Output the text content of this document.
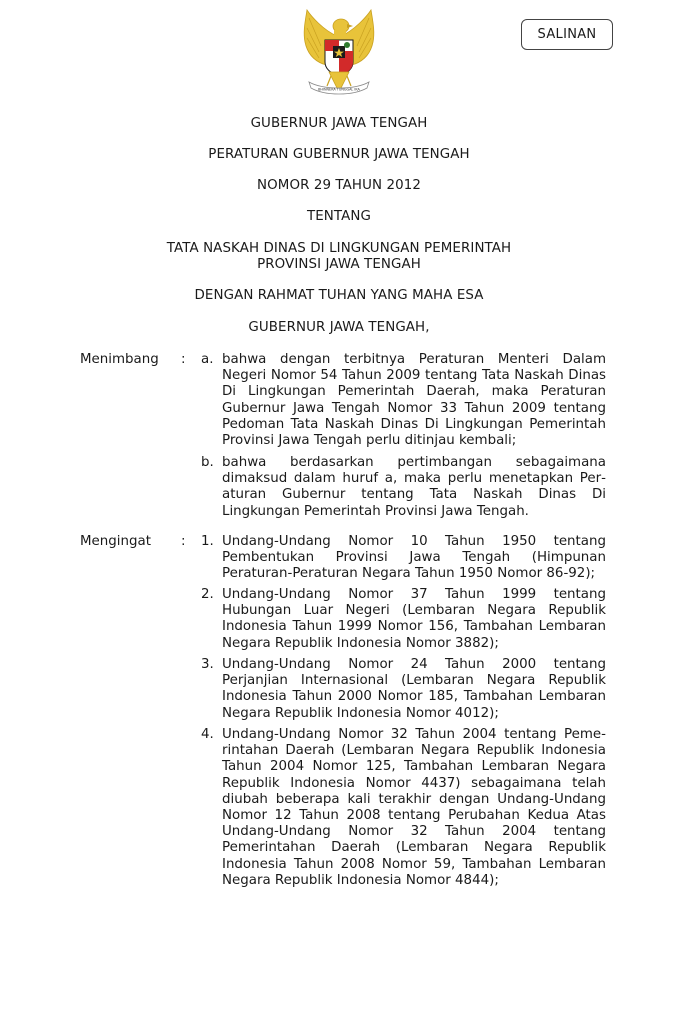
BHINNEKA TUNGGAL IKA
SALINAN
GUBERNUR JAWA TENGAH
PERATURAN GUBERNUR JAWA TENGAH
NOMOR 29 TAHUN 2012
TENTANG
TATA NASKAH DINAS DI LINGKUNGAN PEMERINTAH
PROVINSI JAWA TENGAH
DENGAN RAHMAT TUHAN YANG MAHA ESA
GUBERNUR JAWA TENGAH,
Menimbang : a. bahwa dengan terbitnya Peraturan Menteri Dalam Negeri Nomor 54 Tahun 2009 tentang Tata Naskah Dinas Di Lingkungan Pemerintah Daerah, maka Peraturan Gubernur Jawa Tengah Nomor 33 Tahun 2009 tentang Pedoman Tata Naskah Dinas Di Lingkungan Pemerintah Provinsi Jawa Tengah perlu ditinjau kembali;
b. bahwa berdasarkan pertimbangan sebagaimana dimaksud dalam huruf a, maka perlu menetapkan Peraturan Gubernur tentang Tata Naskah Dinas Di Lingkungan Pemerintah Provinsi Jawa Tengah.
Mengingat : 1. Undang-Undang Nomor 10 Tahun 1950 tentang Pembentukan Provinsi Jawa Tengah (Himpunan Peraturan-Peraturan Negara Tahun 1950 Nomor 86-92);
2. Undang-Undang Nomor 37 Tahun 1999 tentang Hubungan Luar Negeri (Lembaran Negara Republik Indonesia Tahun 1999 Nomor 156, Tambahan Lembaran Negara Republik Indonesia Nomor 3882);
3. Undang-Undang Nomor 24 Tahun 2000 tentang Perjanjian Internasional (Lembaran Negara Republik Indonesia Tahun 2000 Nomor 185, Tambahan Lembaran Negara Republik Indonesia Nomor 4012);
4. Undang-Undang Nomor 32 Tahun 2004 tentang Pemerintahan Daerah (Lembaran Negara Republik Indonesia Tahun 2004 Nomor 125, Tambahan Lembaran Negara Republik Indonesia Nomor 4437) sebagaimana telah diubah beberapa kali terakhir dengan Undang-Undang Nomor 12 Tahun 2008 tentang Perubahan Kedua Atas Undang-Undang Nomor 32 Tahun 2004 tentang Pemerintahan Daerah (Lembaran Negara Republik Indonesia Tahun 2008 Nomor 59, Tambahan Lembaran Negara Republik Indonesia Nomor 4844);
